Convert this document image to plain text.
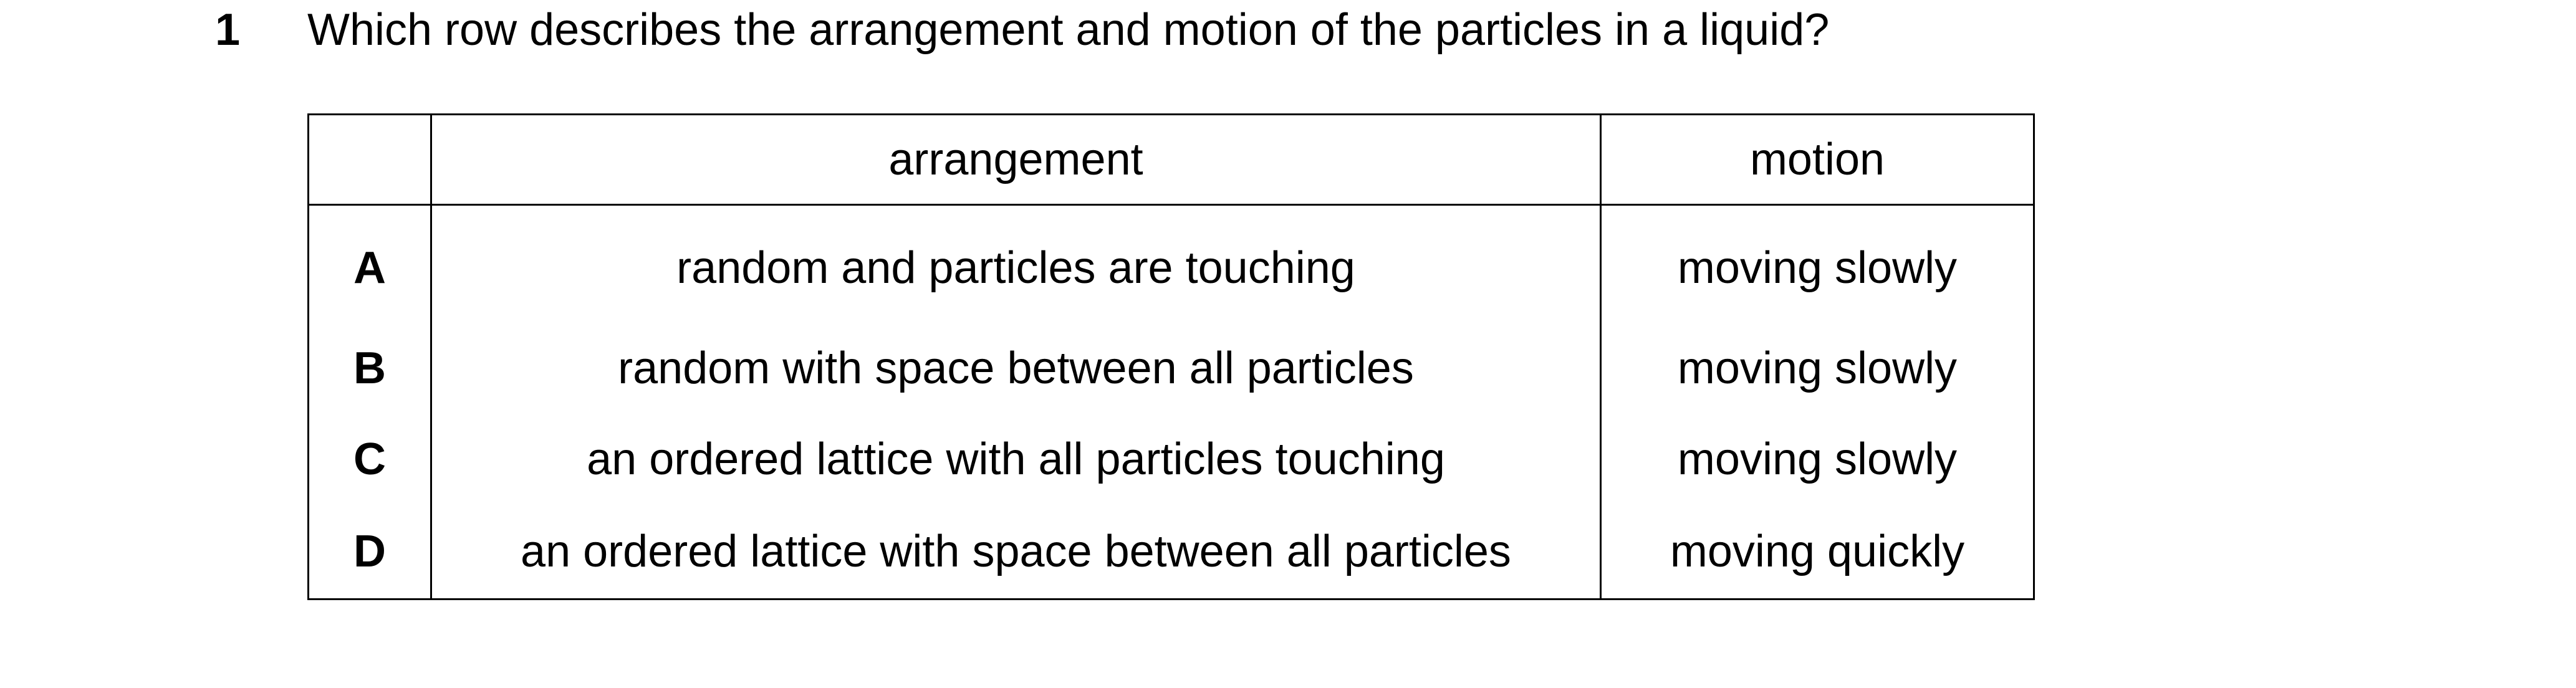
1 Which row describes the arrangement and motion of the particles in a liquid?
	arrangement	motion
A	random and particles are touching	moving slowly
B	random with space between all particles	moving slowly
C	an ordered lattice with all particles touching	moving slowly
D	an ordered lattice with space between all particles	moving quickly
